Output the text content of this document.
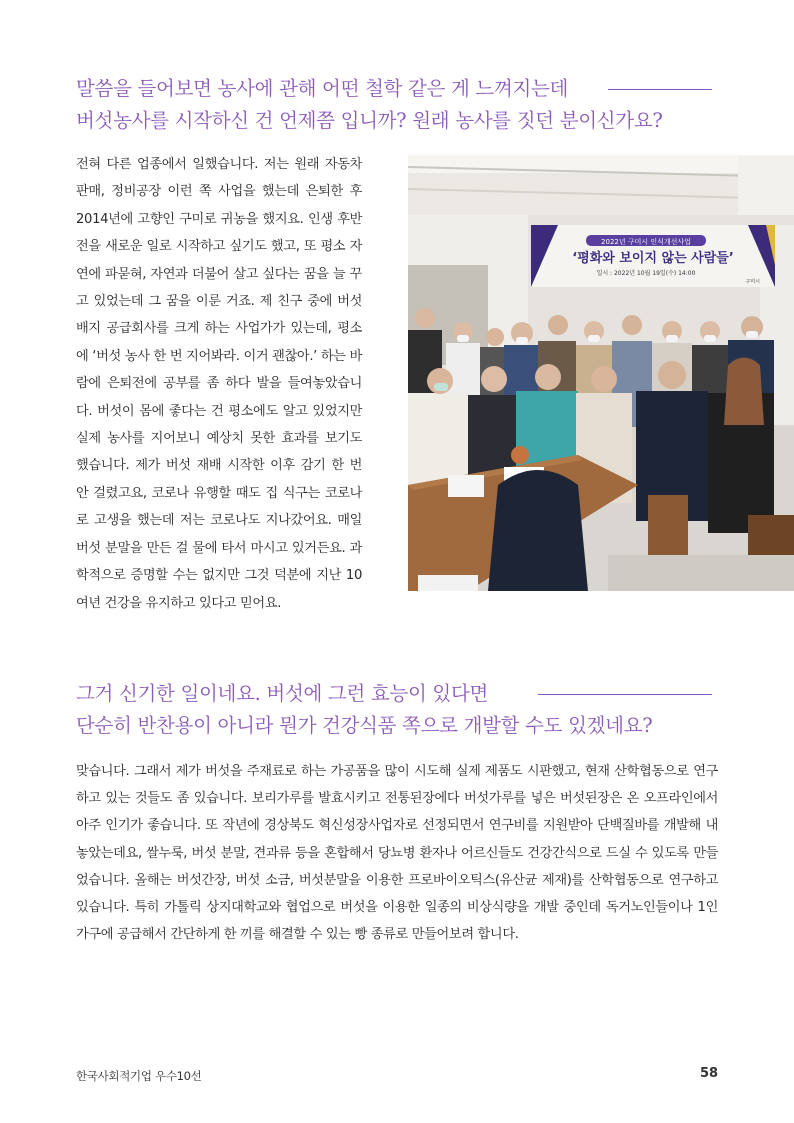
말씀을 들어보면 농사에 관해 어떤 철학 같은 게 느껴지는데
버섯농사를 시작하신 건 언제쯤 입니까? 원래 농사를 짓던 분이신가요?
전혀 다른 업종에서 일했습니다. 저는 원래 자동차 판매, 정비공장 이런 쪽 사업을 했는데 은퇴한 후 2014년에 고향인 구미로 귀농을 했지요. 인생 후반전을 새로운 일로 시작하고 싶기도 했고, 또 평소 자연에 파묻혀, 자연과 더불어 살고 싶다는 꿈을 늘 꾸고 있었는데 그 꿈을 이룬 거죠. 제 친구 중에 버섯 배지 공급회사를 크게 하는 사업가가 있는데, 평소에 ‘버섯 농사 한 번 지어봐라. 이거 괜찮아.’ 하는 바람에 은퇴전에 공부를 좀 하다 발을 들여놓았습니다. 버섯이 몸에 좋다는 건 평소에도 알고 있었지만 실제 농사를 지어보니 예상치 못한 효과를 보기도 했습니다. 제가 버섯 재배 시작한 이후 감기 한 번 안 걸렸고요, 코로나 유행할 때도 집 식구는 코로나로 고생을 했는데 저는 코로나도 지나갔어요. 매일 버섯 분말을 만든 걸 물에 타서 마시고 있거든요. 과학적으로 증명할 수는 없지만 그것 덕분에 지난 10여년 건강을 유지하고 있다고 믿어요.
2022년 구미시 인식개선사업
‘평화와 보이지 않는 사람들’
일시 : 2022년 10월 19일(수) 14:00
구미시
그거 신기한 일이네요. 버섯에 그런 효능이 있다면
단순히 반찬용이 아니라 뭔가 건강식품 쪽으로 개발할 수도 있겠네요?
맞습니다. 그래서 제가 버섯을 주재료로 하는 가공품을 많이 시도해 실제 제품도 시판했고, 현재 산학협동으로 연구하고 있는 것들도 좀 있습니다. 보리가루를 발효시키고 전통된장에다 버섯가루를 넣은 버섯된장은 온 오프라인에서 아주 인기가 좋습니다. 또 작년에 경상북도 혁신성장사업자로 선정되면서 연구비를 지원받아 단백질바를 개발해 내놓았는데요, 쌀누룩, 버섯 분말, 견과류 등을 혼합해서 당뇨병 환자나 어르신들도 건강간식으로 드실 수 있도록 만들었습니다. 올해는 버섯간장, 버섯 소금, 버섯분말을 이용한 프로바이오틱스(유산균 제재)를 산학협동으로 연구하고 있습니다. 특히 가톨릭 상지대학교와 협업으로 버섯을 이용한 일종의 비상식량을 개발 중인데 독거노인들이나 1인 가구에 공급해서 간단하게 한 끼를 해결할 수 있는 빵 종류로 만들어보려 합니다.
한국사회적기업 우수10선	58
